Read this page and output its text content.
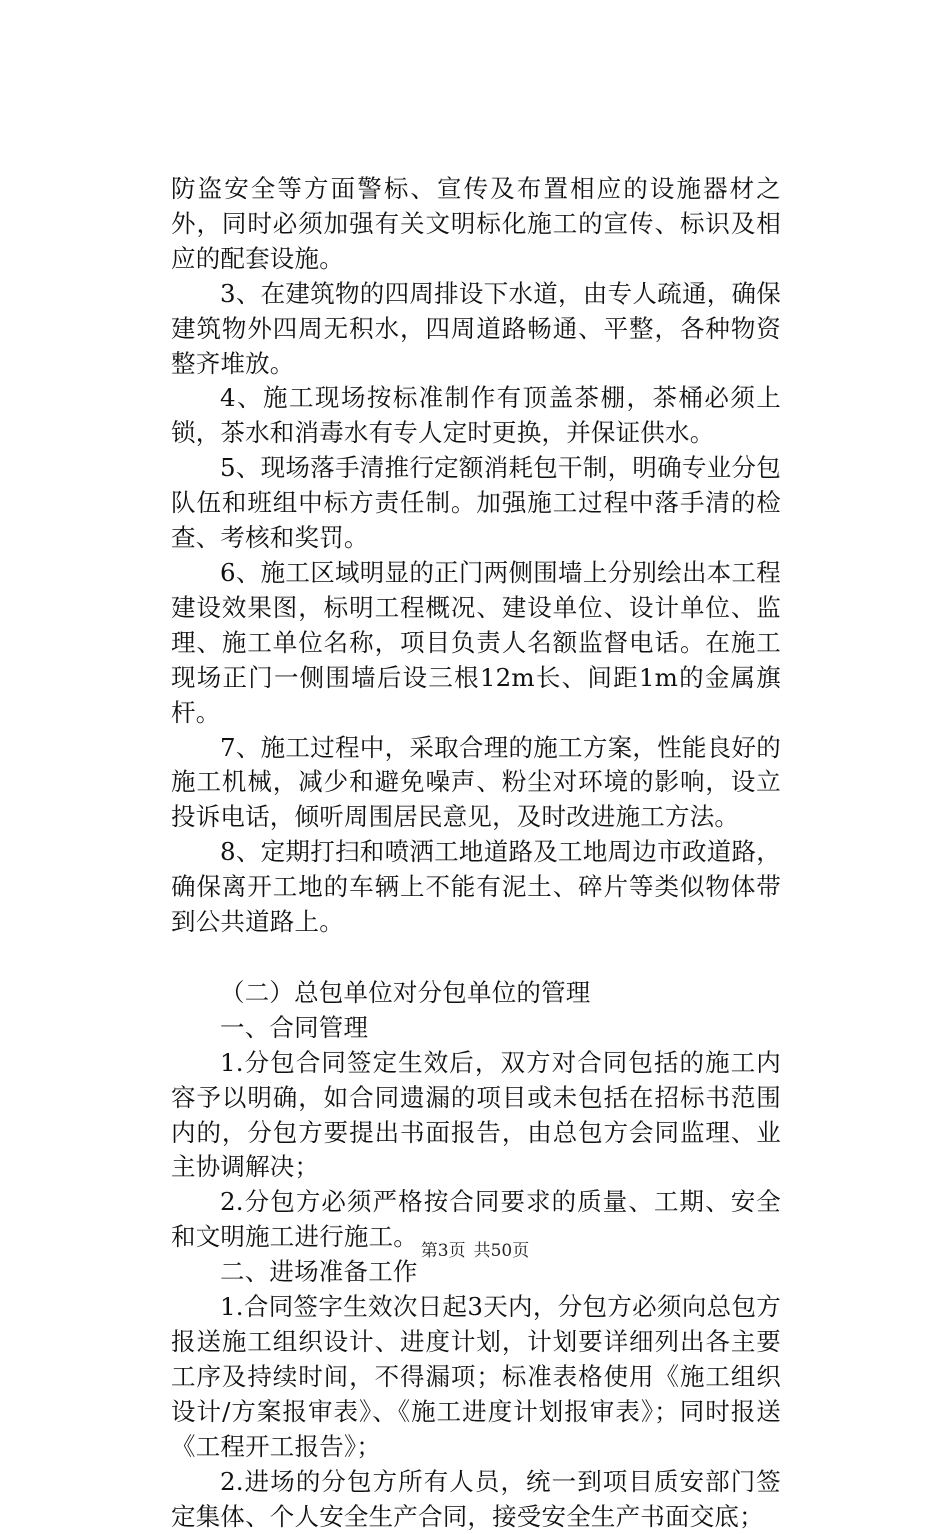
防盗安全等方面警标、宣传及布置相应的设施器材之外，同时必须加强有关文明标化施工的宣传、标识及相应的配套设施。

3、在建筑物的四周排设下水道，由专人疏通，确保建筑物外四周无积水，四周道路畅通、平整，各种物资整齐堆放。

4、施工现场按标准制作有顶盖茶棚，茶桶必须上锁，茶水和消毒水有专人定时更换，并保证供水。

5、现场落手清推行定额消耗包干制，明确专业分包队伍和班组中标方责任制。加强施工过程中落手清的检查、考核和奖罚。

6、施工区域明显的正门两侧围墙上分别绘出本工程建设效果图，标明工程概况、建设单位、设计单位、监理、施工单位名称，项目负责人名额监督电话。在施工现场正门一侧围墙后设三根12m长、间距1m的金属旗杆。

7、施工过程中，采取合理的施工方案，性能良好的施工机械，减少和避免噪声、粉尘对环境的影响，设立投诉电话，倾听周围居民意见，及时改进施工方法。

8、定期打扫和喷洒工地道路及工地周边市政道路，确保离开工地的车辆上不能有泥土、碎片等类似物体带到公共道路上。

（二）总包单位对分包单位的管理

一、合同管理

1.分包合同签定生效后，双方对合同包括的施工内容予以明确，如合同遗漏的项目或未包括在招标书范围内的，分包方要提出书面报告，由总包方会同监理、业主协调解决；

2.分包方必须严格按合同要求的质量、工期、安全和文明施工进行施工。

二、进场准备工作

1.合同签字生效次日起3天内，分包方必须向总包方报送施工组织设计、进度计划，计划要详细列出各主要工序及持续时间，不得漏项；标准表格使用《施工组织设计/方案报审表》、《施工进度计划报审表》；同时报送《工程开工报告》；

2.进场的分包方所有人员，统一到项目质安部门签定集体、个人安全生产合同，接受安全生产书面交底；

第3页 共50页
